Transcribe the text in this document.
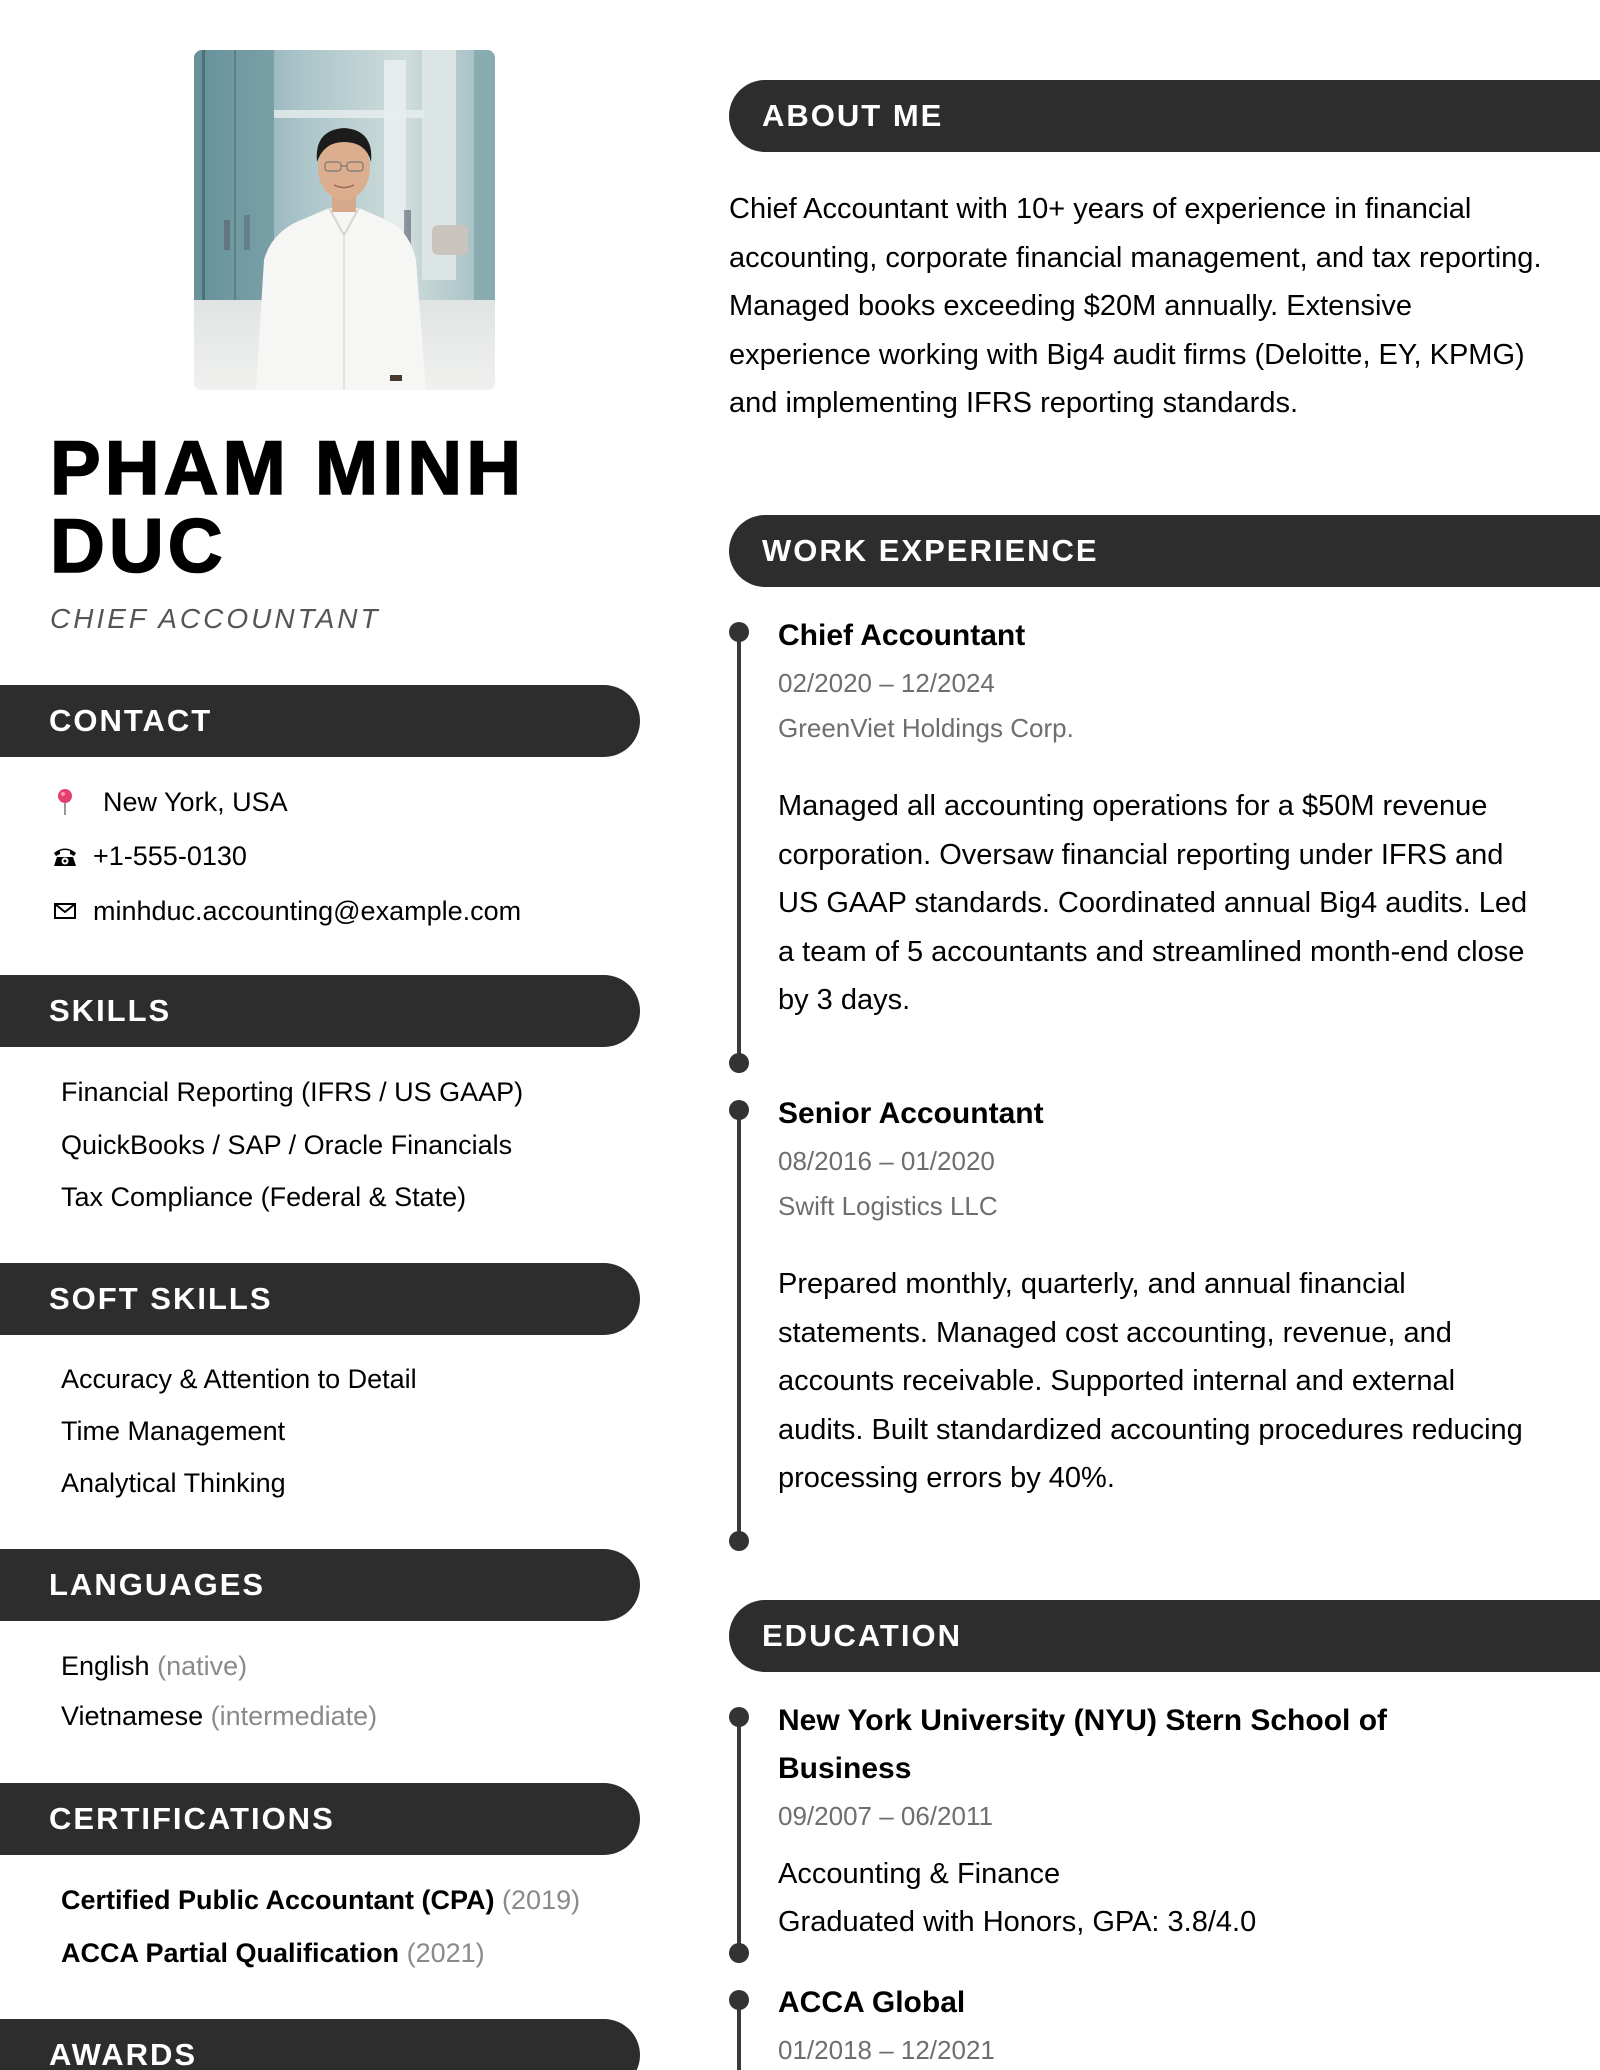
PHAM MINH
DUC
CHIEF ACCOUNTANT
CONTACT
New York, USA
+1-555-0130
minhduc.accounting@example.com
SKILLS
Financial Reporting (IFRS / US GAAP)
QuickBooks / SAP / Oracle Financials
Tax Compliance (Federal & State)
SOFT SKILLS
Accuracy & Attention to Detail
Time Management
Analytical Thinking
LANGUAGES
English (native)
Vietnamese (intermediate)
CERTIFICATIONS
Certified Public Accountant (CPA) (2019)
ACCA Partial Qualification (2021)
AWARDS
ABOUT ME
Chief Accountant with 10+ years of experience in financial accounting, corporate financial management, and tax reporting. Managed books exceeding $20M annually. Extensive experience working with Big4 audit firms (Deloitte, EY, KPMG) and implementing IFRS reporting standards.
WORK EXPERIENCE
Chief Accountant
02/2020 – 12/2024
GreenViet Holdings Corp.
Managed all accounting operations for a $50M revenue corporation. Oversaw financial reporting under IFRS and US GAAP standards. Coordinated annual Big4 audits. Led a team of 5 accountants and streamlined month-end close by 3 days.
Senior Accountant
08/2016 – 01/2020
Swift Logistics LLC
Prepared monthly, quarterly, and annual financial statements. Managed cost accounting, revenue, and accounts receivable. Supported internal and external audits. Built standardized accounting procedures reducing processing errors by 40%.
EDUCATION
New York University (NYU) Stern School of Business
09/2007 – 06/2011
Accounting & Finance
Graduated with Honors, GPA: 3.8/4.0
ACCA Global
01/2018 – 12/2021
